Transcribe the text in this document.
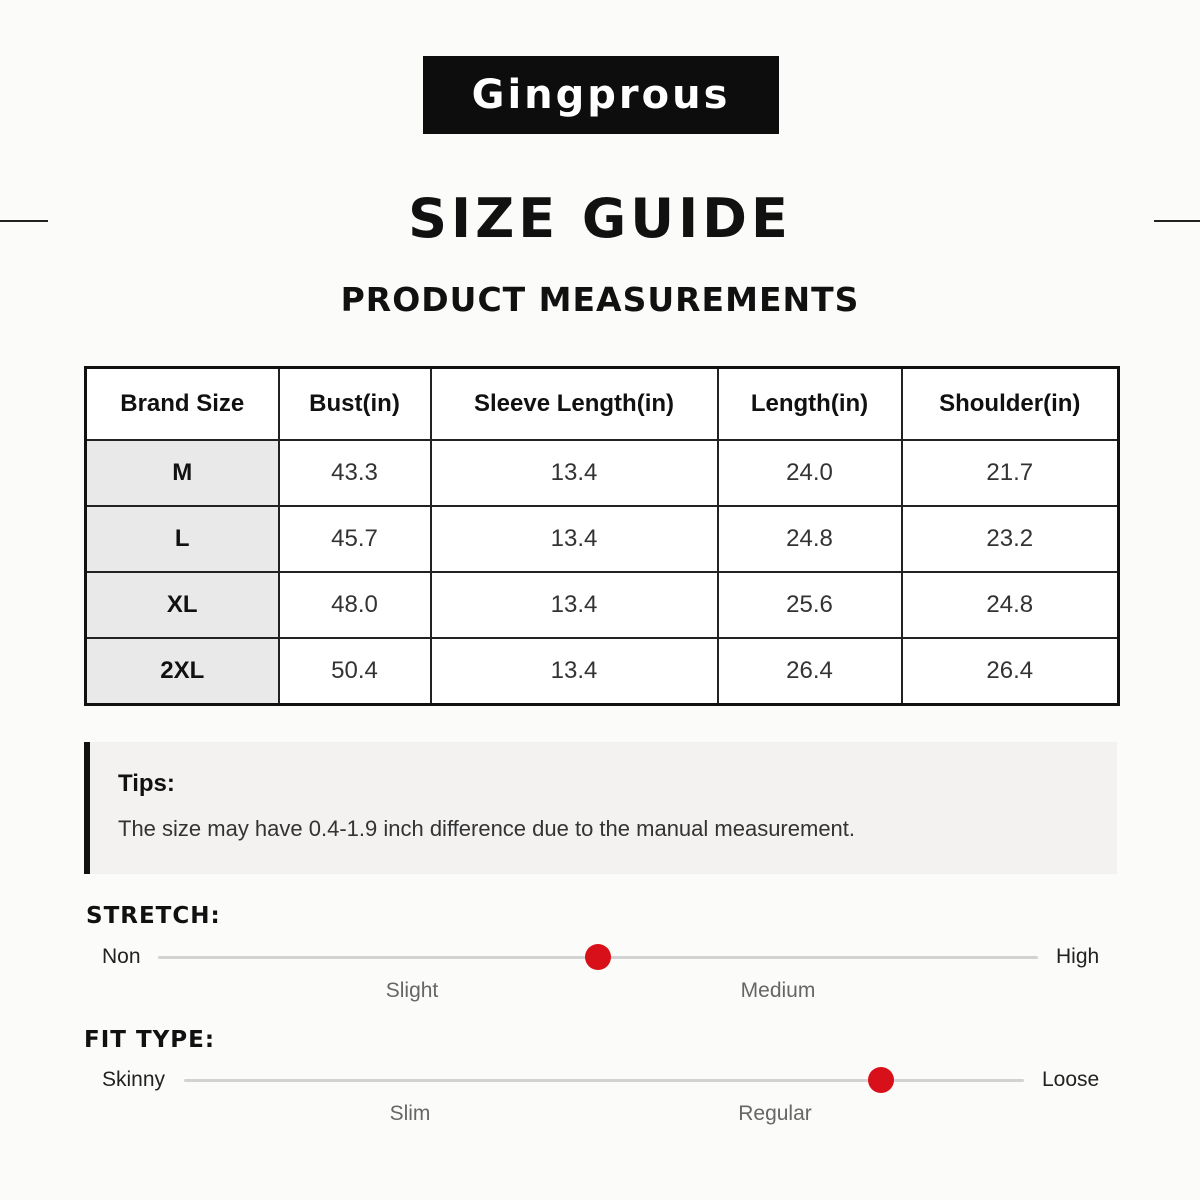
Gingprous
SIZE GUIDE
PRODUCT MEASUREMENTS
Brand Size	Bust(in)	Sleeve Length(in)	Length(in)	Shoulder(in)
M	43.3	13.4	24.0	21.7
L	45.7	13.4	24.8	23.2
XL	48.0	13.4	25.6	24.8
2XL	50.4	13.4	26.4	26.4
Tips:
The size may have 0.4-1.9 inch difference due to the manual measurement.
STRETCH:
Non	High
Slight	Medium
FIT TYPE:
Skinny	Loose
Slim	Regular
